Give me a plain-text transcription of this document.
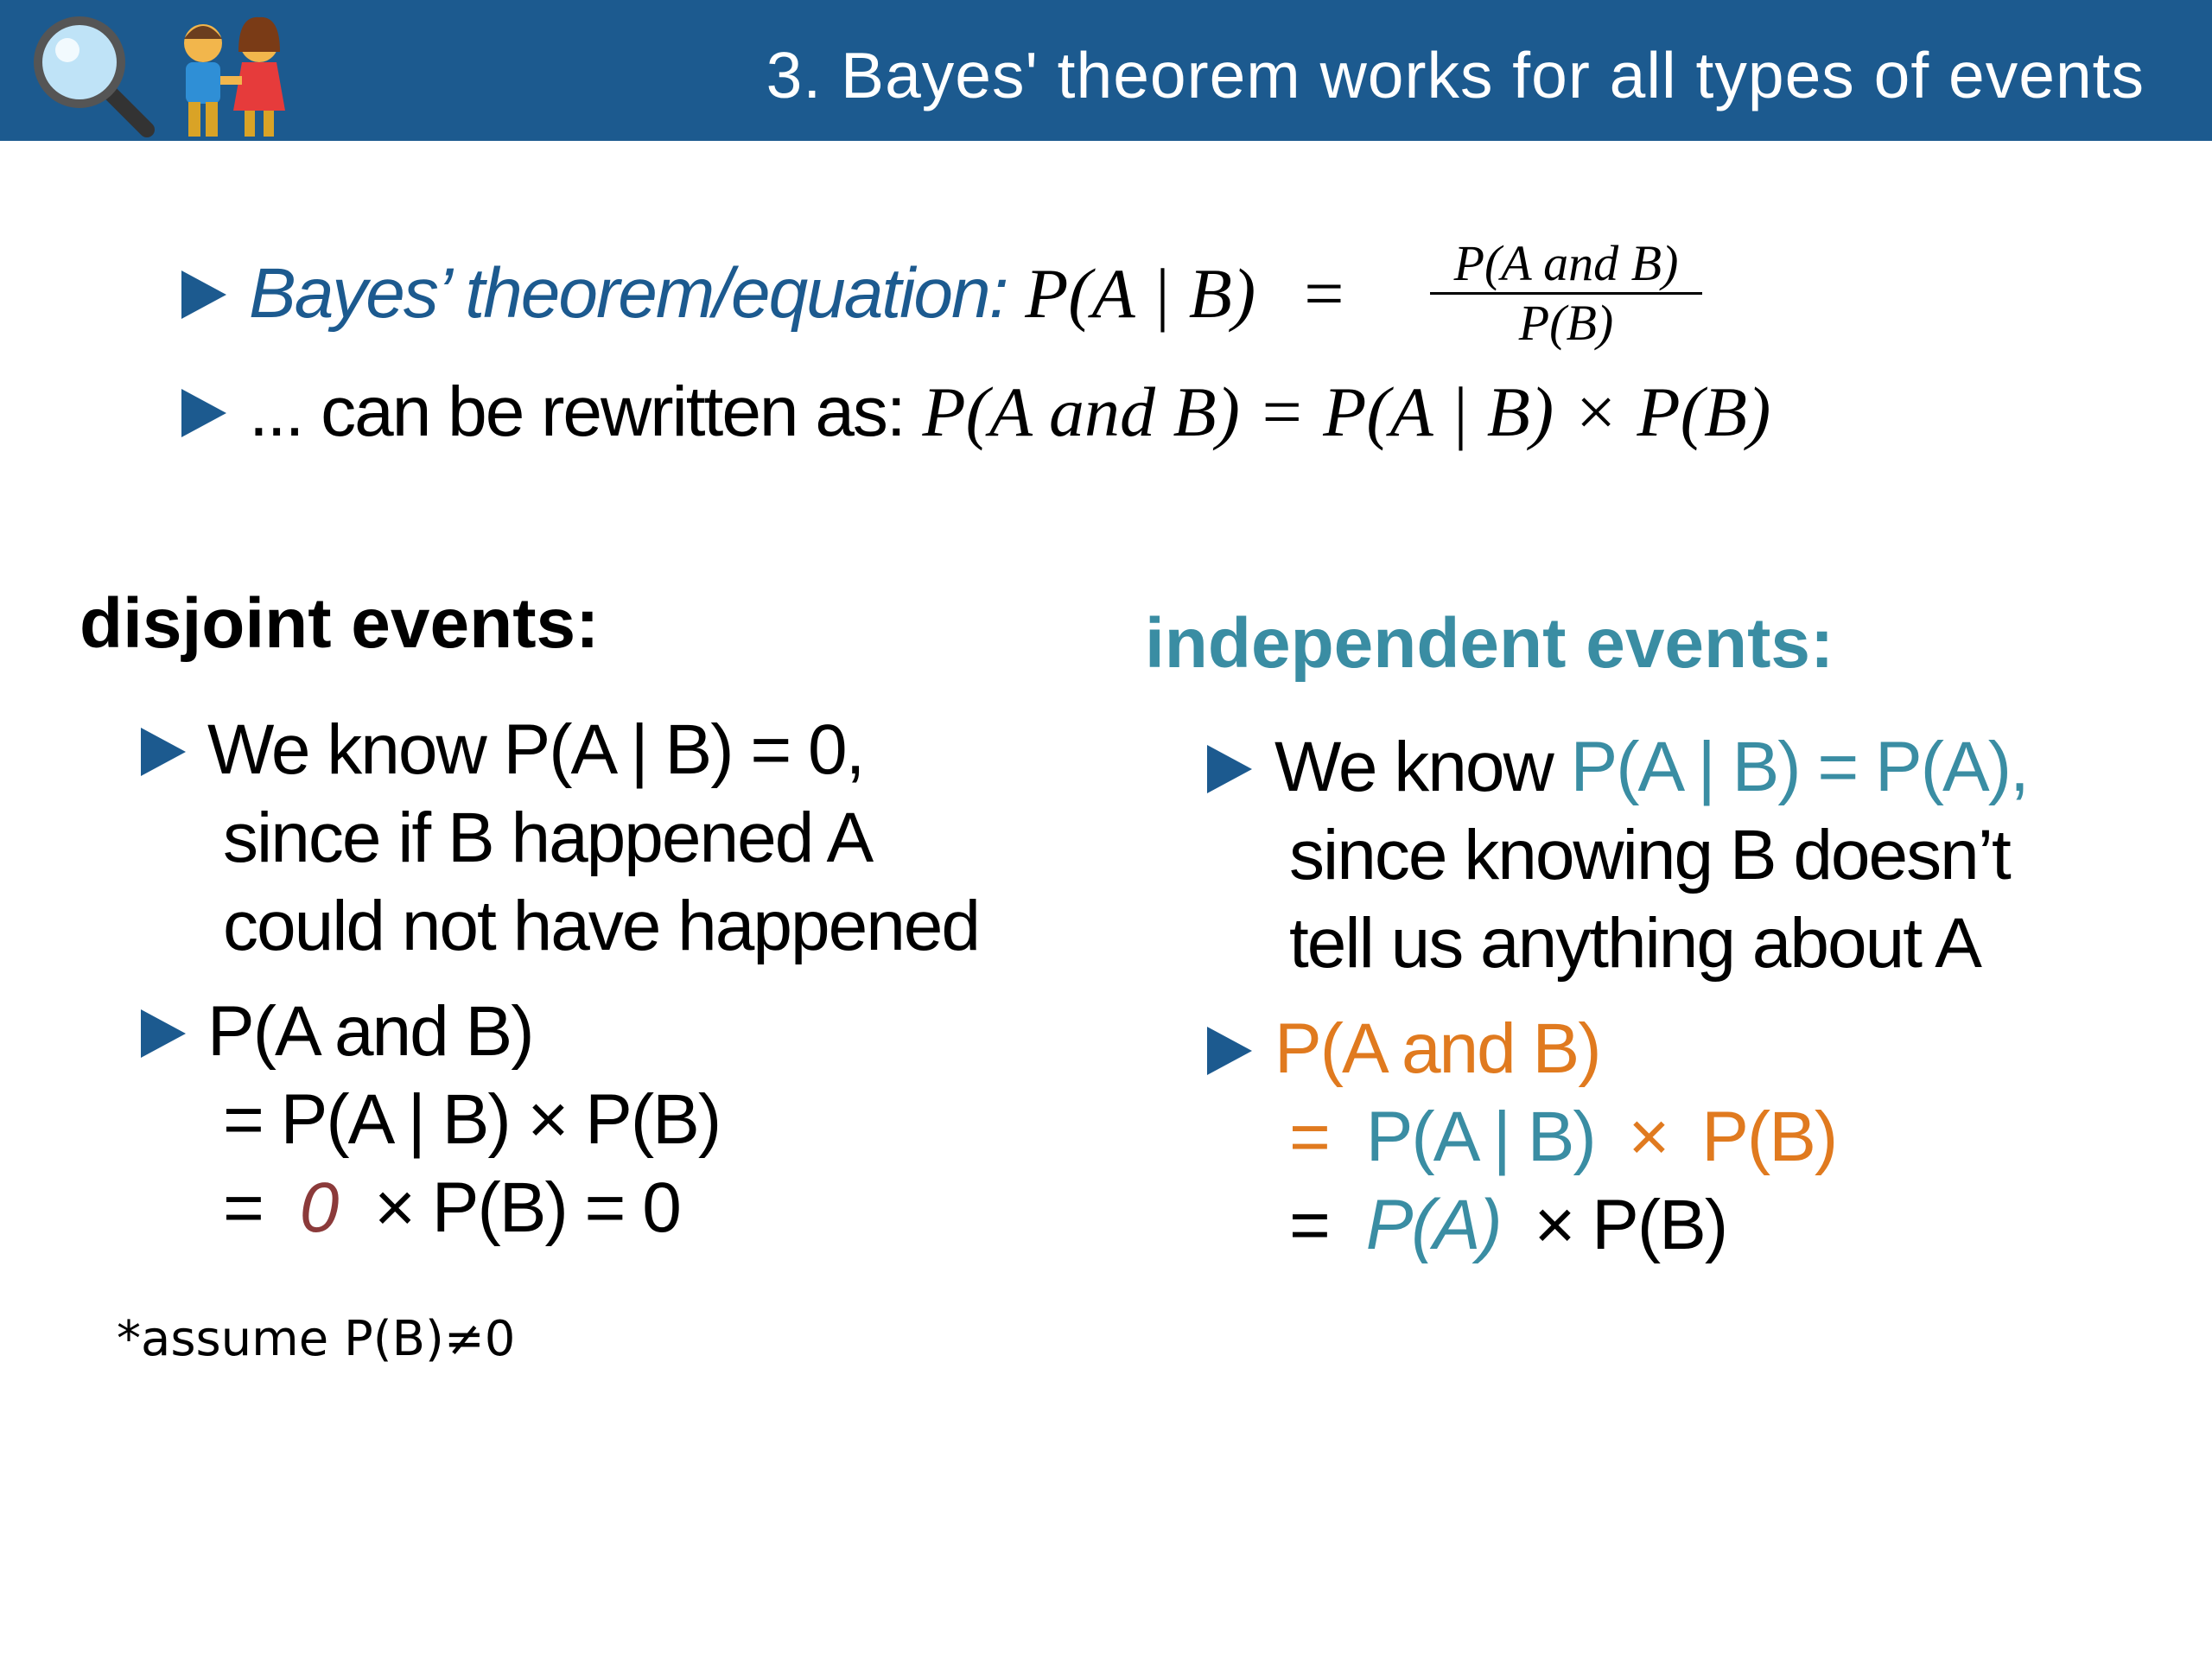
3. Bayes' theorem works for all types of events
Bayes’ theorem/equation: P(A | B) =	P(A and B)
P(B)
... can be rewritten as: P(A and B) = P(A | B) × P(B)
disjoint events:
We know P(A | B) = 0,
since if B happened A
could not have happened
P(A and B)
= P(A | B) × P(B)
= 0 × P(B) = 0
*assume P(B)≠0
independent events:
We know P(A | B) = P(A),
since knowing B doesn’t
tell us anything about A
P(A and B)
= P(A | B) × P(B)
= P(A) × P(B)
